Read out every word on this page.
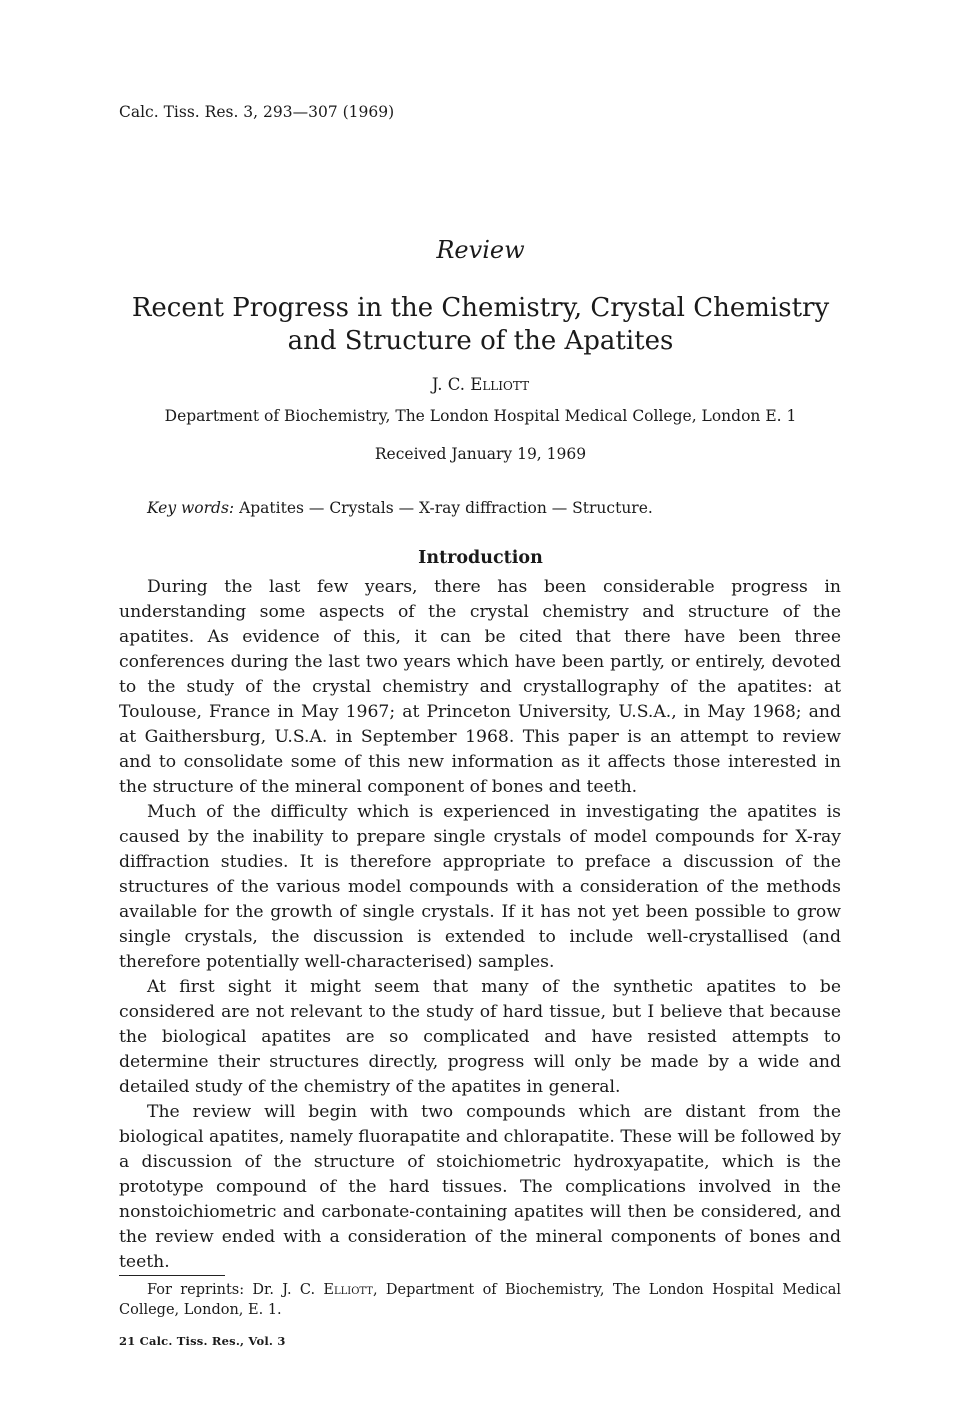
Calc. Tiss. Res. 3, 293—307 (1969)
Review
Recent Progress in the Chemistry, Crystal Chemistry
and Structure of the Apatites
J. C. Elliott
Department of Biochemistry, The London Hospital Medical College, London E. 1
Received January 19, 1969
Key words: Apatites — Crystals — X-ray diffraction — Structure.
Introduction

During the last few years, there has been considerable progress in understanding some aspects of the crystal chemistry and structure of the apatites. As evidence of this, it can be cited that there have been three conferences during the last two years which have been partly, or entirely, devoted to the study of the crystal chemistry and crystallography of the apatites: at Toulouse, France in May 1967; at Princeton University, U.S.A., in May 1968; and at Gaithersburg, U.S.A. in September 1968. This paper is an attempt to review and to consolidate some of this new information as it affects those interested in the structure of the mineral component of bones and teeth.

Much of the difficulty which is experienced in investigating the apatites is caused by the inability to prepare single crystals of model compounds for X-ray diffraction studies. It is therefore appropriate to preface a discussion of the structures of the various model compounds with a consideration of the methods available for the growth of single crystals. If it has not yet been possible to grow single crystals, the discussion is extended to include well-crystallised (and therefore potentially well-characterised) samples.

At first sight it might seem that many of the synthetic apatites to be considered are not relevant to the study of hard tissue, but I believe that because the biological apatites are so complicated and have resisted attempts to determine their structures directly, progress will only be made by a wide and detailed study of the chemistry of the apatites in general.

The review will begin with two compounds which are distant from the biological apatites, namely fluorapatite and chlorapatite. These will be followed by a discussion of the structure of stoichiometric hydroxyapatite, which is the prototype compound of the hard tissues. The complications involved in the nonstoichiometric and carbonate-containing apatites will then be considered, and the review ended with a consideration of the mineral components of bones and teeth.

For reprints: Dr. J. C. Elliott, Department of Biochemistry, The London Hospital Medical College, London, E. 1.
21 Calc. Tiss. Res., Vol. 3
